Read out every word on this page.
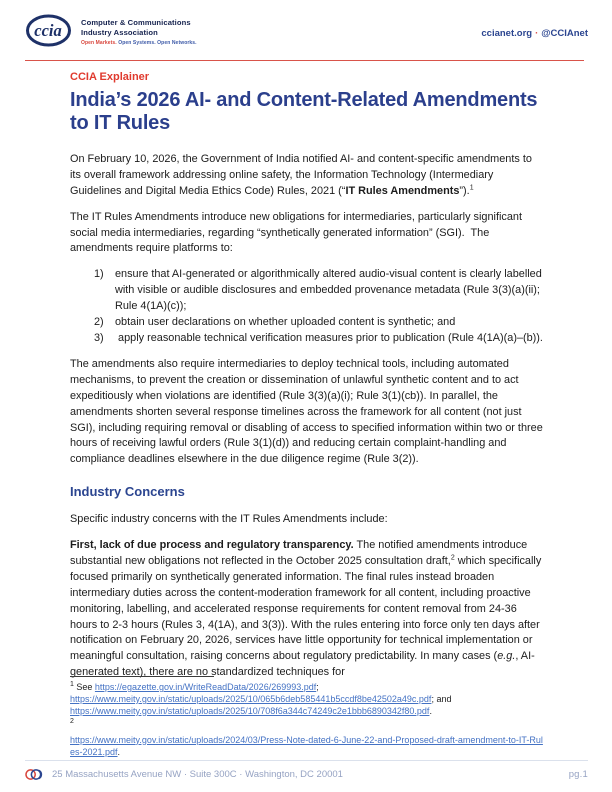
ccia	Computer & Communications
Industry Association
Open Markets. Open Systems. Open Networks.
ccianet.org · @CCIAnet
CCIA Explainer
India’s 2026 AI- and Content-Related Amendments to IT Rules

On February 10, 2026, the Government of India notified AI- and content-specific amendments to its overall framework addressing online safety, the Information Technology (Intermediary Guidelines and Digital Media Ethics Code) Rules, 2021 (“IT Rules Amendments”).$^1$

The IT Rules Amendments introduce new obligations for intermediaries, particularly significant social media intermediaries, regarding “synthetically generated information” (SGI).  The amendments require platforms to:

1)	ensure that AI-generated or algorithmically altered audio-visual content is clearly labelled with visible or audible disclosures and embedded provenance metadata (Rule 3(3)(a)(ii); Rule 4(1A)(c));
2)	obtain user declarations on whether uploaded content is synthetic; and
3)	apply reasonable technical verification measures prior to publication (Rule 4(1A)(a)–(b)).

The amendments also require intermediaries to deploy technical tools, including automated mechanisms, to prevent the creation or dissemination of unlawful synthetic content and to act expeditiously when violations are identified (Rule 3(3)(a)(i); Rule 3(1)(cb)). In parallel, the amendments shorten several response timelines across the framework for all content (not just SGI), including requiring removal or disabling of access to specified information within two or three hours of receiving lawful orders (Rule 3(1)(d)) and reducing certain complaint-handling and compliance deadlines elsewhere in the due diligence regime (Rule 3(2)).

Industry Concerns

Specific industry concerns with the IT Rules Amendments include:

First, lack of due process and regulatory transparency. The notified amendments introduce substantial new obligations not reflected in the October 2025 consultation draft,$^2$ which specifically focused primarily on synthetically generated information. The final rules instead broaden intermediary duties across the content-moderation framework for all content, including proactive monitoring, labelling, and accelerated response requirements for content removal from 24-36 hours to 2-3 hours (Rules 3, 4(1A), and 3(3)). With the rules entering into force only ten days after notification on February 20, 2026, services have little opportunity for technical implementation or meaningful consultation, raising concerns about regulatory predictability. In many cases (e.g., AI-generated text), there are no standardized techniques for

$^1$ See https://egazette.gov.in/WriteReadData/2026/269993.pdf; https://www.meity.gov.in/static/uploads/2025/10/065b6deb585441b5ccdf8be42502a49c.pdf; and https://www.meity.gov.in/static/uploads/2025/10/708f6a344c74249c2e1bbb6890342f80.pdf.
$^2$
https://www.meity.gov.in/static/uploads/2024/03/Press-Note-dated-6-June-22-and-Proposed-draft-amendment-to-IT-Rules-2021.pdf.
25 Massachusetts Avenue NW · Suite 300C · Washington, DC 20001	pg.1
